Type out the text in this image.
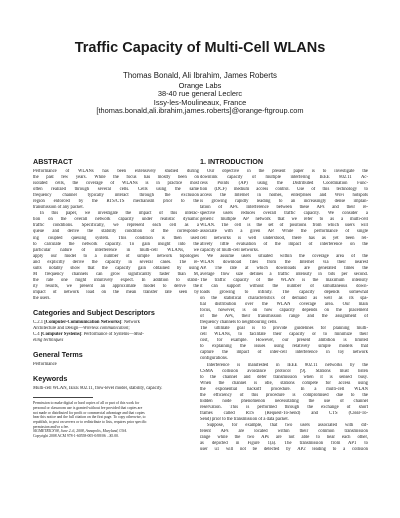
Traffic Capacity of Multi-Cell WLANs
Thomas Bonald, Ali Ibrahim, James Roberts
Orange Labs
38-40 rue general Leclerc
Issy-les-Moulineaux, France
[thomas.bonald,ali.ibrahim,james.roberts]@orange-ftgroup.com
ABSTRACT
Performance of WLANs has been extensively studied during
the past few years. While the focus has mostly been on
isolated cells, the coverage of WLANs is in practice most
often realized through several cells. Cells using the same
frequency channel typically interact through the exclusion
region enforced by the RTS/CTS mechanism prior to the
transmission of any packet.
In this paper, we investigate the impact of this interac-
tion on the overall network capacity under realistic dynamic
traffic conditions. Specifically, we represent each cell as a
queue and derive the stability condition of the correspond-
ing coupled queuing system. This condition is then used
to calculate the network capacity. To gain insight into the
particular nature of interference in multi-cell WLANs, we
apply our model to a number of simple network topologies
and explicitly derive the capacity in several cases. The re-
sults notably show that the capacity gain obtained by using
M frequency channels can grow significantly faster than M,
the rate one might intuitively expect. In addition to stabil-
ity results, we present an approximate model to derive the
impact of network load on the mean transfer rate seen by
the users.
Categories and Subject Descriptors
C.2.1 [Computer-Communication Networks]: Network
Architecture and Design—Wireless communication;
C.4 [Computer Systems]: Performance of Systems—Mod-
eling techniques
General Terms
Performance
Keywords
Multi-cell WLAN, IEEE 802.11, flow-level model, stability, capacity.
Permission to make digital or hard copies of all or part of this work for
personal or classroom use is granted without fee provided that copies are
not made or distributed for profit or commercial advantage and that copies
bear this notice and the full citation on the first page. To copy otherwise, to
republish, to post on servers or to redistribute to lists, requires prior specific
permission and/or a fee.
SIGMETRICS'08, June 2–6, 2008, Annapolis, Maryland, USA.
Copyright 2008 ACM 978-1-60558-005-0/08/06 ...$5.00.
1. INTRODUCTION
Our objective in the present paper is to investigate the
downlink capacity of multiple interfering IEEE 802.11 Ac-
cess Points (AP) using the Distributed Coordination Func-
tion (DCF) medium access control. Use of this technology to
access the Internet in homes, enterprises and WiFi hotspots
is growing rapidly leading to an increasingly dense implan-
tation of APs. Interference between these APs and their re-
spective users reduces overall traffic capacity. We consider a
generic multiple AP network that we refer to as a multi-cell
WLAN. The cell is the set of positions from which users will
associate with a given AP. While the performance of single
cell networks is well understood, there has as yet been rel-
atively little evaluation of the impact of interference on the
capacity of multi-cell networks.
We assume users situated within the coverage area of the
WLAN download files from the Internet via their nearest
AP. The rate at which downloads are generated times the
average flow size defines a traffic intensity in bits per second.
The traffic capacity of the WLAN is the maximum intensity
it can support without the number of simultaneous down-
loads growing to infinity. The capacity depends somewhat
on the statistical characteristics of demand as well as its spa-
tial distribution over the WLAN coverage area. Our main
focus, however, is on how capacity depends on the placement
of the APs, their transmission range and the assignment of
frequency channels to neighbouring cells.
The ultimate goal is to provide guidelines for planning multi-
cell WLANs, to facilitate their capacity or to minimize their
cost, for example. However, our present ambition is limited
to explaining the issues using relatively simple models that
capture the impact of inter-cell interference in toy network
configurations.
Interference is manifested in IEEE 802.11 networks by the
CSMA collision avoidance protocol [9]. Stations must listen
to the channel and defer transmission when it is sensed busy.
When the channel is idle, stations compete for access using
the exponential backoff procedure. In a multi-cell WLAN
the efficiency of this procedure is compromised due to the
hidden node phenomenon necessitating the use of channel
reservation. This is performed through the exchange of short
frames called RTS (Request-To-Send) and CTS (Clear-To-
Send) prior to the transmission of a data packet.
Suppose, for example, that two users associated with dif-
ferent APs are located within their common transmission
range while the two APs are not able to hear each other,
as depicted in Figure 1(a). The transmission from AP1 to
user u1 will not be detected by AP2 leading to a collision
